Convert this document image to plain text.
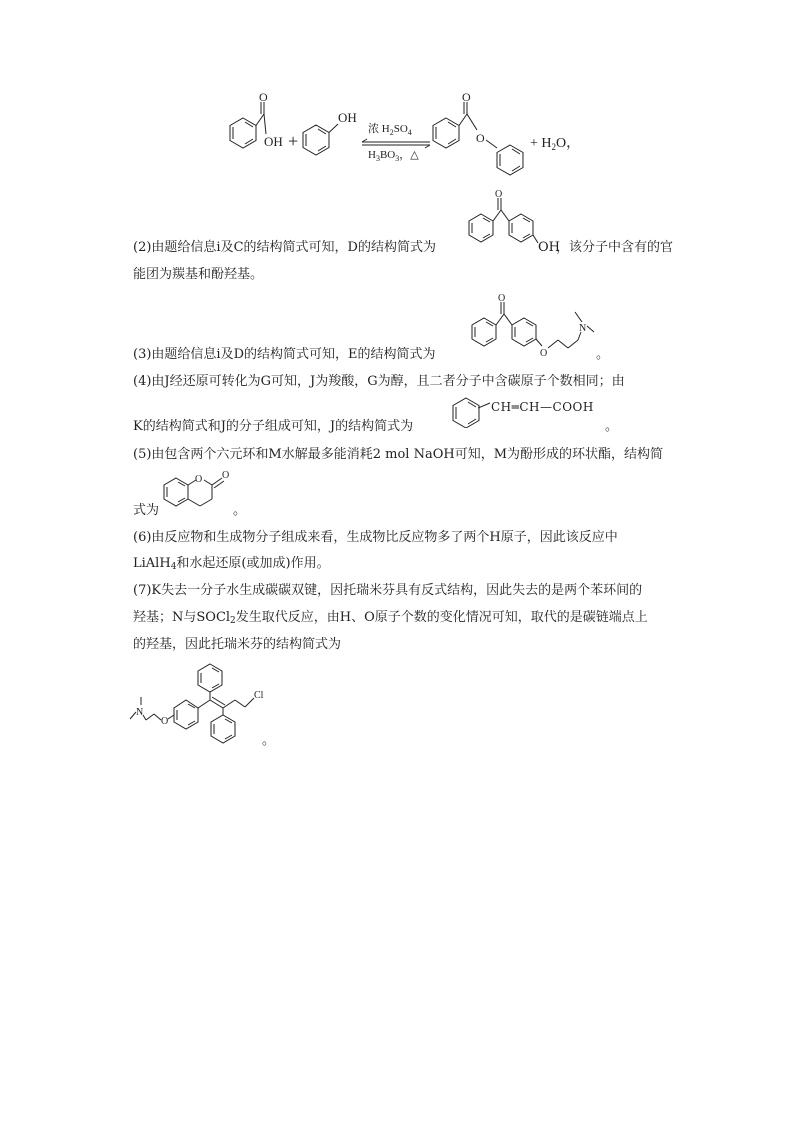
O
OH +
OH
浓 $H_2SO_4$
$H_3BO_3$，△
O
O	+ $H_2O$，
(2)由题给信息ⅰ及C的结构简式可知，D的结构简式为
O
OH
，该分子中含有的官
能团为羰基和酚羟基。
(3)由题给信息ⅰ及D的结构简式可知，E的结构简式为
O
O
N
。
(4)由J经还原可转化为G可知，J为羧酸，G为醇，且二者分子中含碳原子个数相同；由
K的结构简式和J的分子组成可知，J的结构简式为
CH═CH—COOH
。
(5)由包含两个六元环和M水解最多能消耗2 mol NaOH可知，M为酚形成的环状酯，结构简
式为
O O
。
(6)由反应物和生成物分子组成来看，生成物比反应物多了两个H原子，因此该反应中
LiAlH4和水起还原(或加成)作用。
(7)K失去一分子水生成碳碳双键，因托瑞米芬具有反式结构，因此失去的是两个苯环间的
羟基；N与SOCl2发生取代反应，由H、O原子个数的变化情况可知，取代的是碳链端点上
的羟基，因此托瑞米芬的结构简式为
O
N
Cl
。
